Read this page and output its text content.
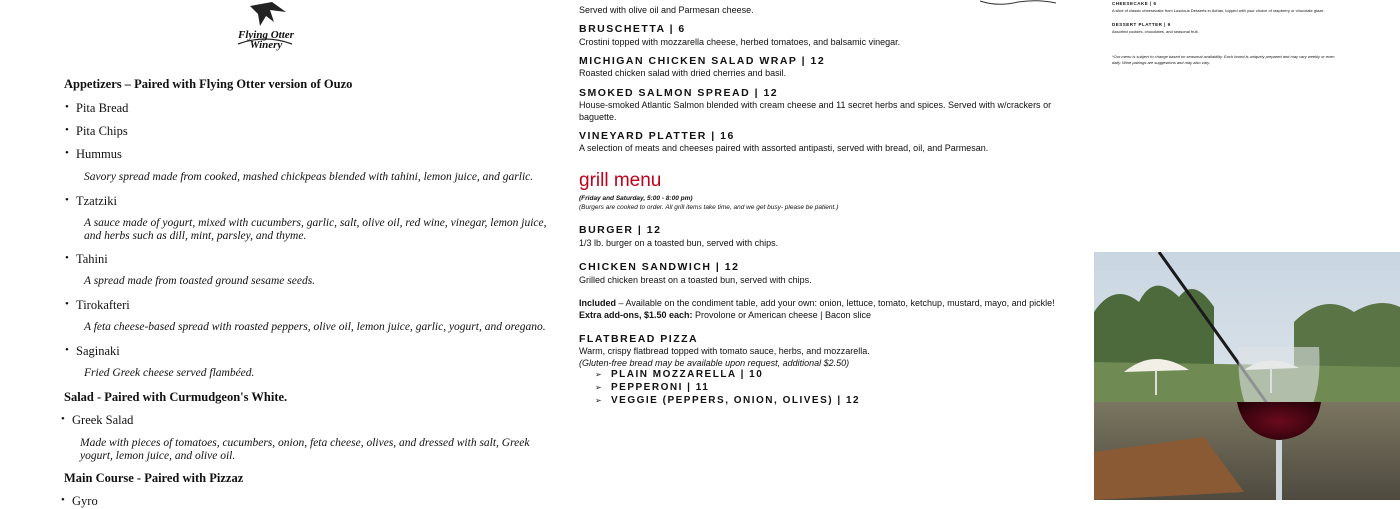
Flying Otter
Winery
Appetizers – Paired with Flying Otter version of Ouzo
• Pita Bread
• Pita Chips
• Hummus
Savory spread made from cooked, mashed chickpeas blended with tahini, lemon juice, and garlic.
• Tzatziki
A sauce made of yogurt, mixed with cucumbers, garlic, salt, olive oil, red wine, vinegar, lemon juice,
and herbs such as dill, mint, parsley, and thyme.
• Tahini
A spread made from toasted ground sesame seeds.
• Tirokafteri
A feta cheese-based spread with roasted peppers, olive oil, lemon juice, garlic, yogurt, and oregano.
• Saginaki
Fried Greek cheese served flambéed.
Salad - Paired with Curmudgeon's White.
• Greek Salad
Made with pieces of tomatoes, cucumbers, onion, feta cheese, olives, and dressed with salt, Greek
yogurt, lemon juice, and olive oil.
Main Course - Paired with Pizzaz
• Gyro
Served with olive oil and Parmesan cheese.
BRUSCHETTA | 6
Crostini topped with mozzarella cheese, herbed tomatoes, and balsamic vinegar.
MICHIGAN CHICKEN SALAD WRAP | 12
Roasted chicken salad with dried cherries and basil.
SMOKED SALMON SPREAD | 12
House-smoked Atlantic Salmon blended with cream cheese and 11 secret herbs and spices. Served with w/crackers or
baguette.
VINEYARD PLATTER | 16
A selection of meats and cheeses paired with assorted antipasti, served with bread, oil, and Parmesan.
grill menu
(Friday and Saturday, 5:00 - 8:00 pm)
(Burgers are cooked to order. All grill items take time, and we get busy- please be patient.)
BURGER | 12
1/3 lb. burger on a toasted bun, served with chips.
CHICKEN SANDWICH | 12
Grilled chicken breast on a toasted bun, served with chips.
Included – Available on the condiment table, add your own: onion, lettuce, tomato, ketchup, mustard, mayo, and pickle!
Extra add-ons, $1.50 each: Provolone or American cheese | Bacon slice
FLATBREAD PIZZA
Warm, crispy flatbread topped with tomato sauce, herbs, and mozzarella.
(Gluten-free bread may be available upon request, additional $2.50)
➢ PLAIN MOZZARELLA | 10
➢ PEPPERONI | 11
➢ VEGGIE (PEPPERS, ONION, OLIVES) | 12
CHEESECAKE | 6
A slice of classic cheesecake from Luscious Desserts in Adrian, topped with your choice of raspberry or chocolate glaze.
DESSERT PLATTER | 9
Assorted cookies, chocolates, and seasonal fruit.
*Our menu is subject to change based on seasonal availability. Each board is uniquely prepared and may vary weekly or even
daily. Wine pairings are suggestions and may also vary.
